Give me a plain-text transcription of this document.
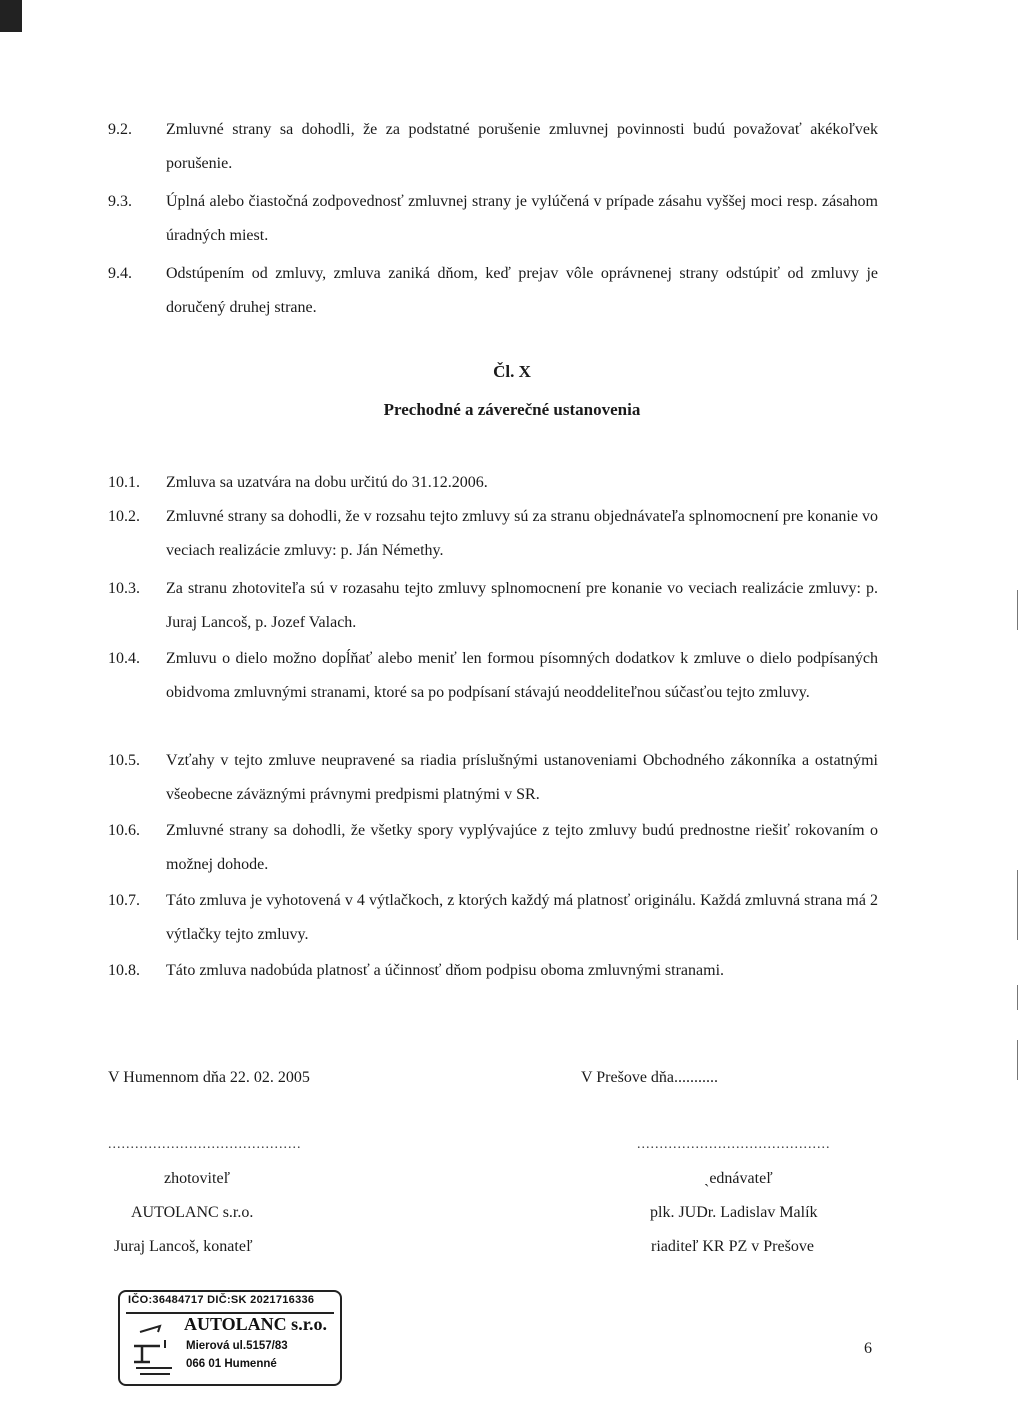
9.2.	Zmluvné strany sa dohodli, že za podstatné porušenie zmluvnej povinnosti budú považovať akékoľvek porušenie.
9.3.	Úplná alebo čiastočná zodpovednosť zmluvnej strany je vylúčená v prípade zásahu vyššej moci resp. zásahom úradných miest.
9.4.	Odstúpením od zmluvy, zmluva zaniká dňom, keď prejav vôle oprávnenej strany odstúpiť od zmluvy je doručený druhej strane.
Čl. X
Prechodné a záverečné ustanovenia
10.1.	Zmluva sa uzatvára na dobu určitú do 31.12.2006.
10.2.	Zmluvné strany sa dohodli, že v rozsahu tejto zmluvy sú za stranu objednávateľa splnomocnení pre konanie vo veciach realizácie zmluvy: p. Ján Némethy.
10.3.	Za stranu zhotoviteľa sú v rozasahu tejto zmluvy splnomocnení pre konanie vo veciach realizácie zmluvy: p. Juraj Lancoš, p. Jozef Valach.
10.4.	Zmluvu o dielo možno dopĺňať alebo meniť len formou písomných dodatkov k zmluve o dielo podpísaných obidvoma zmluvnými stranami, ktoré sa po podpísaní stávajú neoddeliteľnou súčasťou tejto zmluvy.
10.5.	Vzťahy v tejto zmluve neupravené sa riadia príslušnými ustanoveniami Obchodného zákonníka a ostatnými všeobecne záväznými právnymi predpismi platnými v SR.
10.6.	Zmluvné strany sa dohodli, že všetky spory vyplývajúce z tejto zmluvy budú prednostne riešiť rokovaním o možnej dohode.
10.7.	Táto zmluva je vyhotovená v 4 výtlačkoch, z ktorých každý má platnosť originálu. Každá zmluvná strana má 2 výtlačky tejto zmluvy.
10.8.	Táto zmluva nadobúda platnosť a účinnosť dňom podpisu oboma zmluvnými stranami.
V Humennom dňa 22. 02. 2005	V Prešove dňa...........
...........................................	...........................................
zhotoviteľ
AUTOLANC s.r.o.
Juraj Lancoš, konateľ
ˏednávateľ
plk. JUDr. Ladislav Malík
riaditeľ KR PZ v Prešove
IČO:36484717 DIČ:SK 2021716336
AUTOLANC s.r.o.
Mierová ul.5157/83
066 01 Humenné
6
